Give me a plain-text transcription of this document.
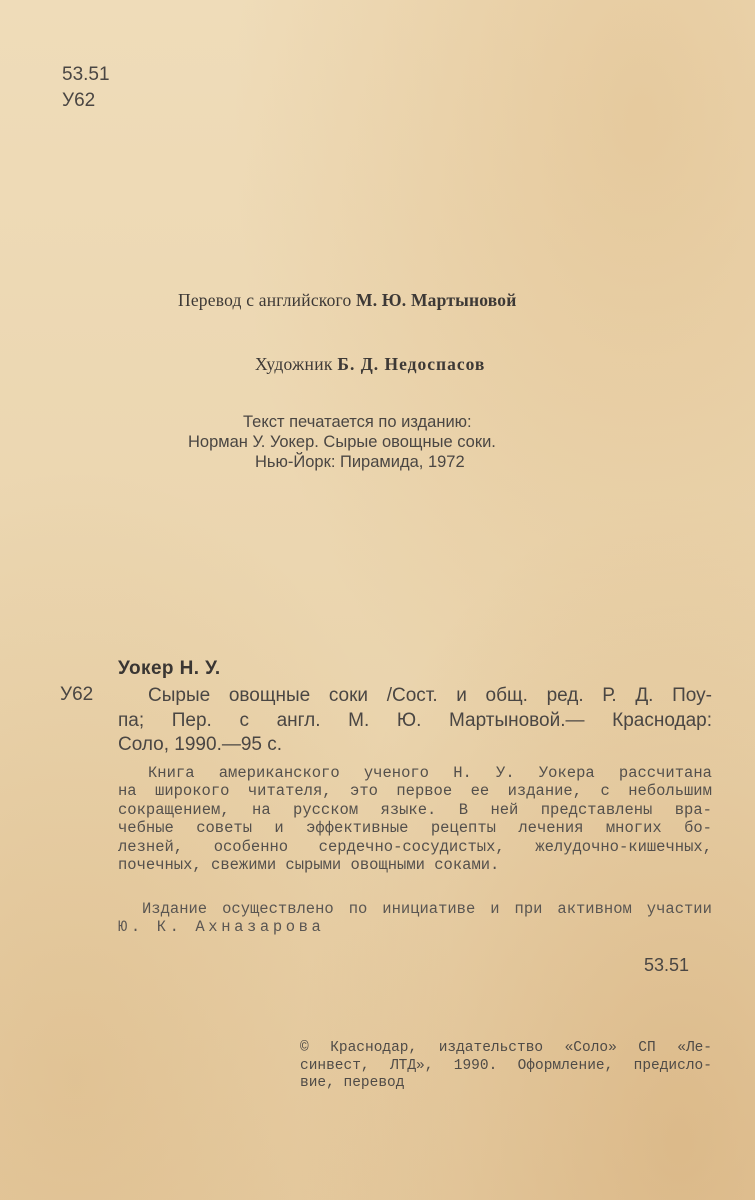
53.51
У62
Перевод с английского М. Ю. Мартыновой
Художник Б. Д. Недоспасов
Текст печатается по изданию:
Норман У. Уокер. Сырые овощные соки.
Нью-Йорк: Пирамида, 1972
Уокер Н. У.
У62	Сырые овощные соки /Сост. и общ. ред. Р. Д. Поу-
па; Пер. с англ. М. Ю. Мартыновой.— Краснодар:
Соло, 1990.—95 с.
Книга американского ученого Н. У. Уокера рассчитана
на широкого читателя, это первое ее издание, с небольшим
сокращением, на русском языке. В ней представлены вра-
чебные советы и эффективные рецепты лечения многих бо-
лезней, особенно сердечно-сосудистых, желудочно-кишечных,
почечных, свежими сырыми овощными соками.
Издание осуществлено по инициативе и при активном участии
Ю. К. Ахназарова
53.51
© Краснодар, издательство «Соло» СП «Ле-
синвест, ЛТД», 1990. Оформление, предисло-
вие, перевод
